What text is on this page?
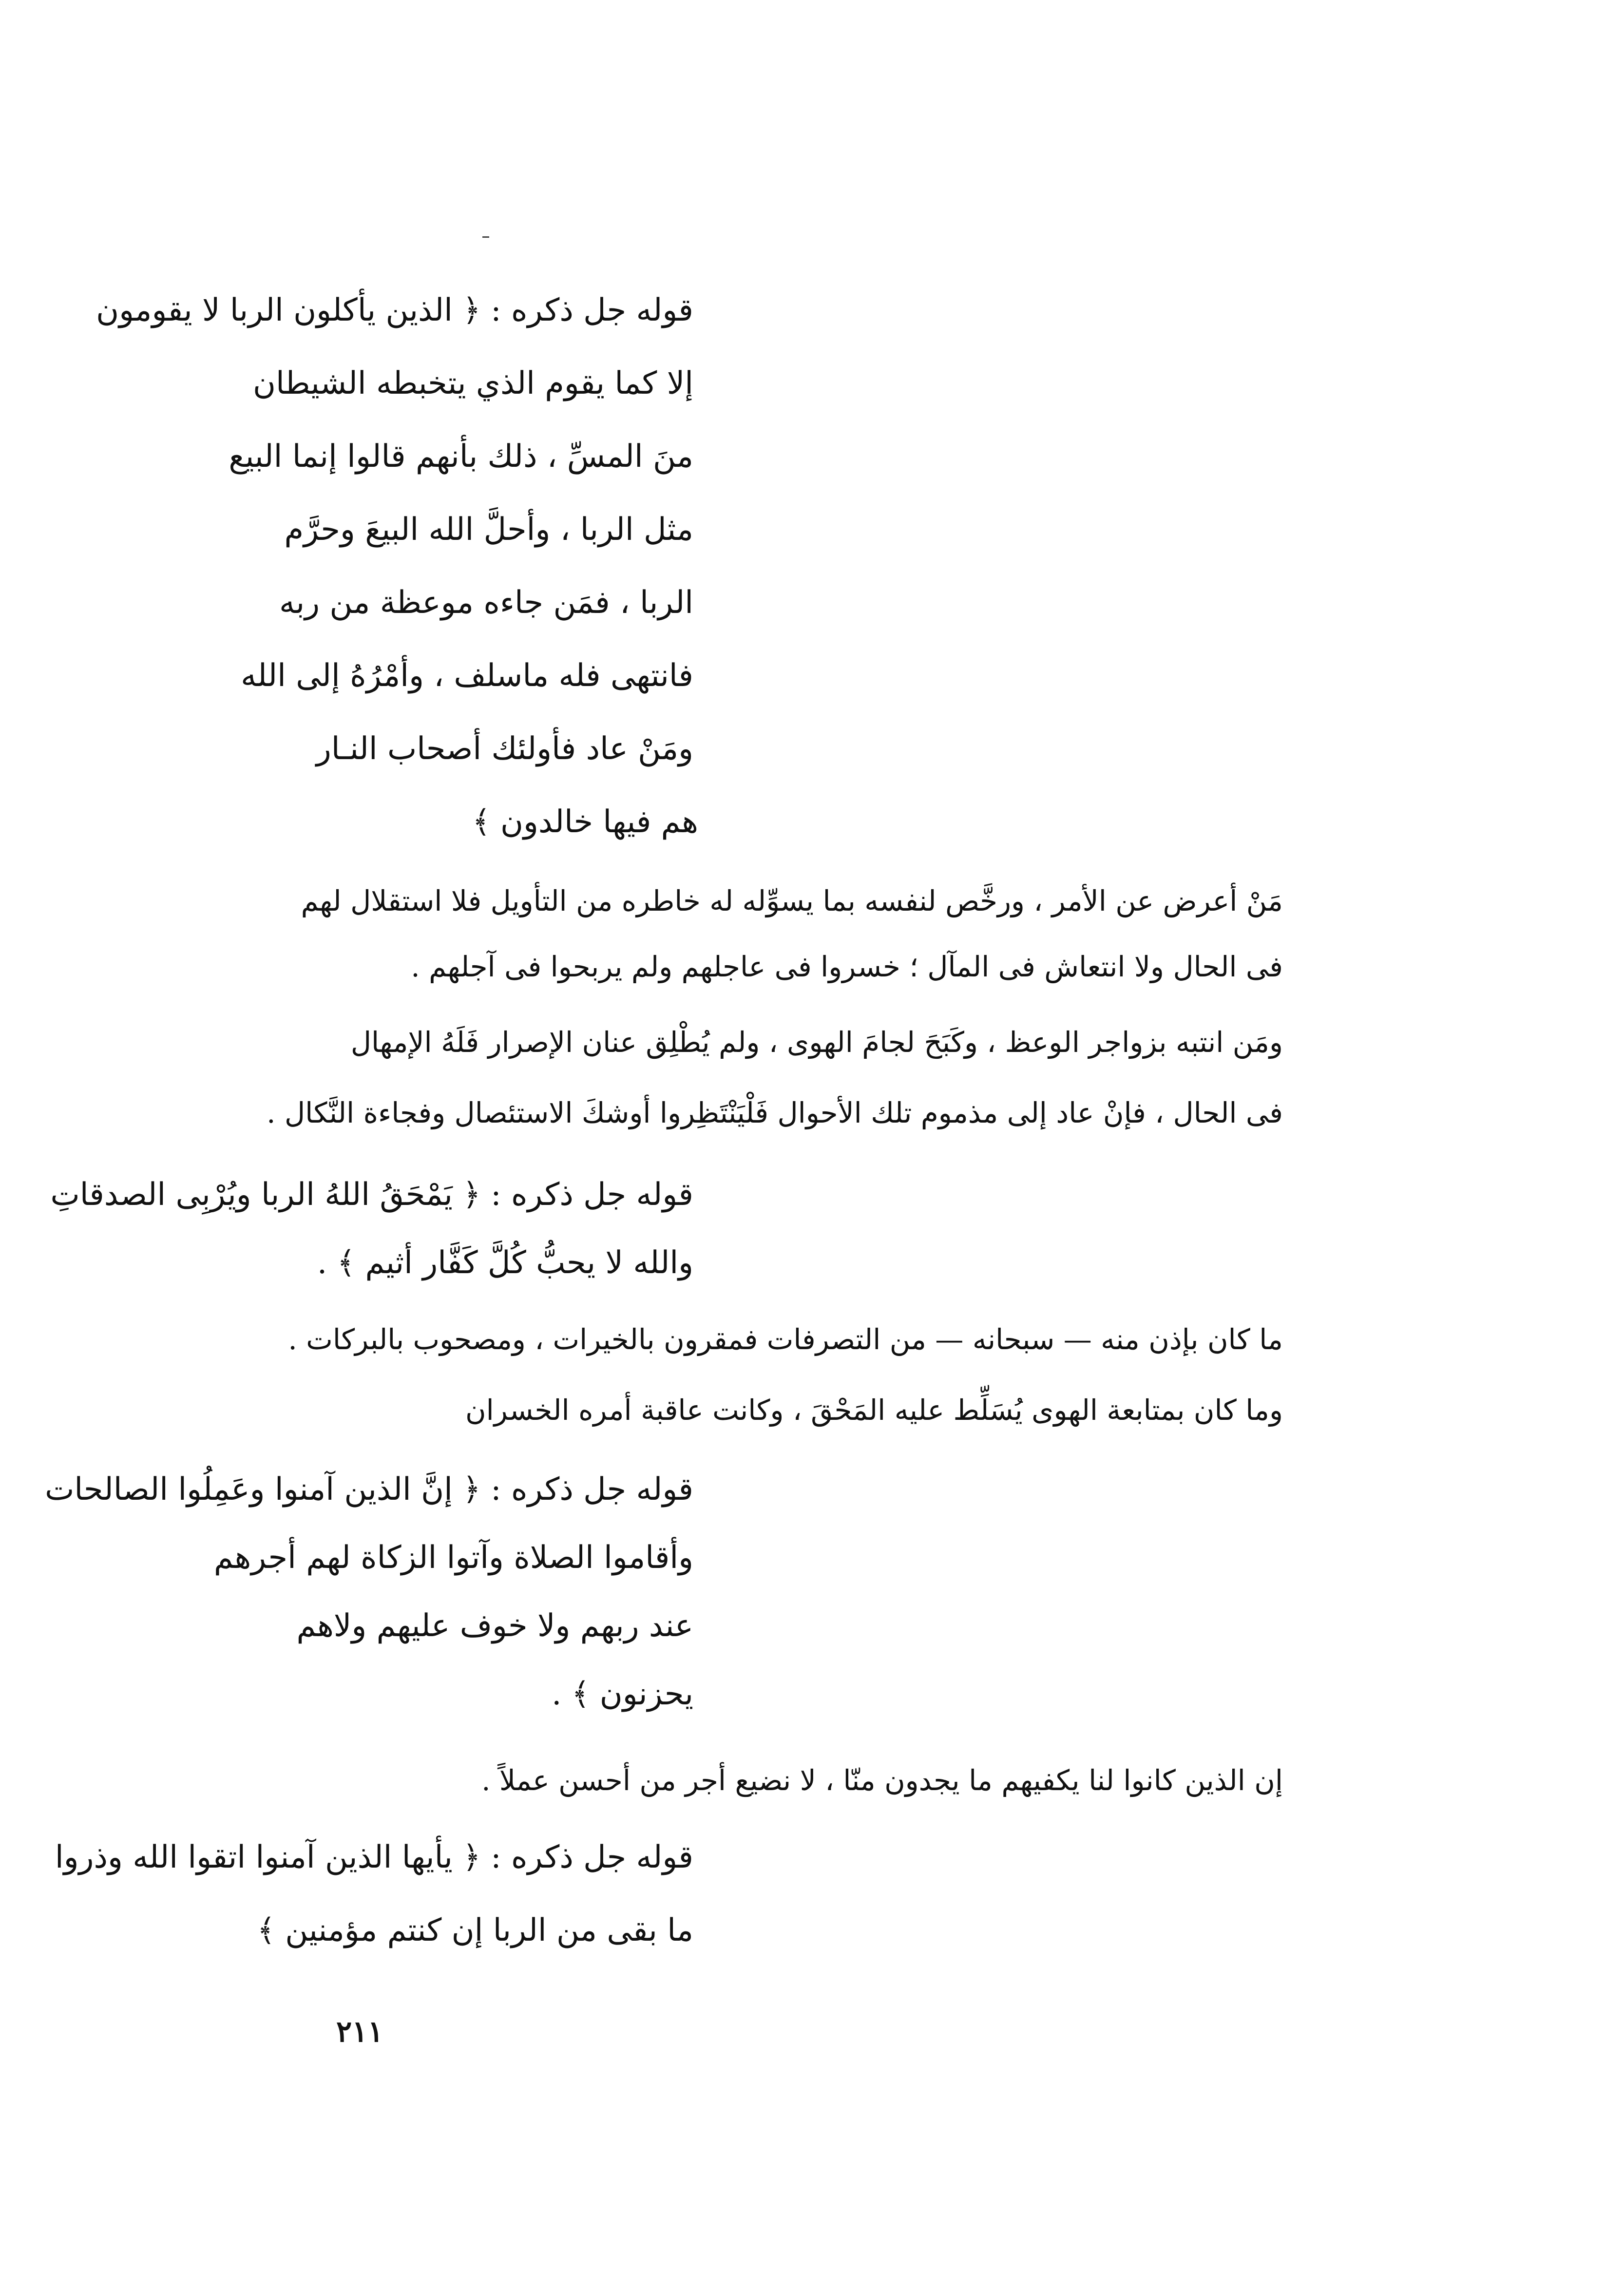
قوله جل ذكره : ﴿ الذين يأكلون الربا لا يقومون
إلا كما يقوم الذي يتخبطه الشيطان
منَ المسِّ ، ذلك بأنهم قالوا إنما البيع
مثل الربا ، وأحلَّ الله البيعَ وحرَّم
الربا ، فمَن جاءه موعظة من ربه
فانتهى فله ماسلف ، وأمْرُهُ إلى الله
ومَنْ عاد فأولئك أصحاب النـار
هم فيها خالدون ﴾
مَنْ أعرض عن الأمر ، ورخَّص لنفسه بما يسوِّله له خاطره من التأويل فلا استقلال لهم
فى الحال ولا انتعاش فى المآل ؛ خسروا فى عاجلهم ولم يربحوا فى آجلهم .
ومَن انتبه بزواجر الوعظ ، وكَبَحَ لجامَ الهوى ، ولم يُطْلِق عنان الإصرار فَلَهُ الإمهال
فى الحال ، فإنْ عاد إلى مذموم تلك الأحوال فَلْيَنْتَظِروا أوشكَ الاستئصال وفجاءة النَّكال .
قوله جل ذكره : ﴿ يَمْحَقُ اللهُ الربا ويُرْبِى الصدقاتِ
والله لا يحبُّ كُلَّ كَفَّار أثيم ﴾ .
ما كان بإذن منه — سبحانه — من التصرفات فمقرون بالخيرات ، ومصحوب بالبركات .
وما كان بمتابعة الهوى يُسَلِّط عليه المَحْقَ ، وكانت عاقبة أمره الخسران
قوله جل ذكره : ﴿ إنَّ الذين آمنوا وعَمِلُوا الصالحات
وأقاموا الصلاة وآتوا الزكاة لهم أجرهم
عند ربهم ولا خوف عليهم ولاهم
يحزنون ﴾ .
إن الذين كانوا لنا يكفيهم ما يجدون منّا ، لا نضيع أجر من أحسن عملاً .
قوله جل ذكره : ﴿ يأيها الذين آمنوا اتقوا الله وذروا
ما بقى من الربا إن كنتم مؤمنين ﴾
٢١١
